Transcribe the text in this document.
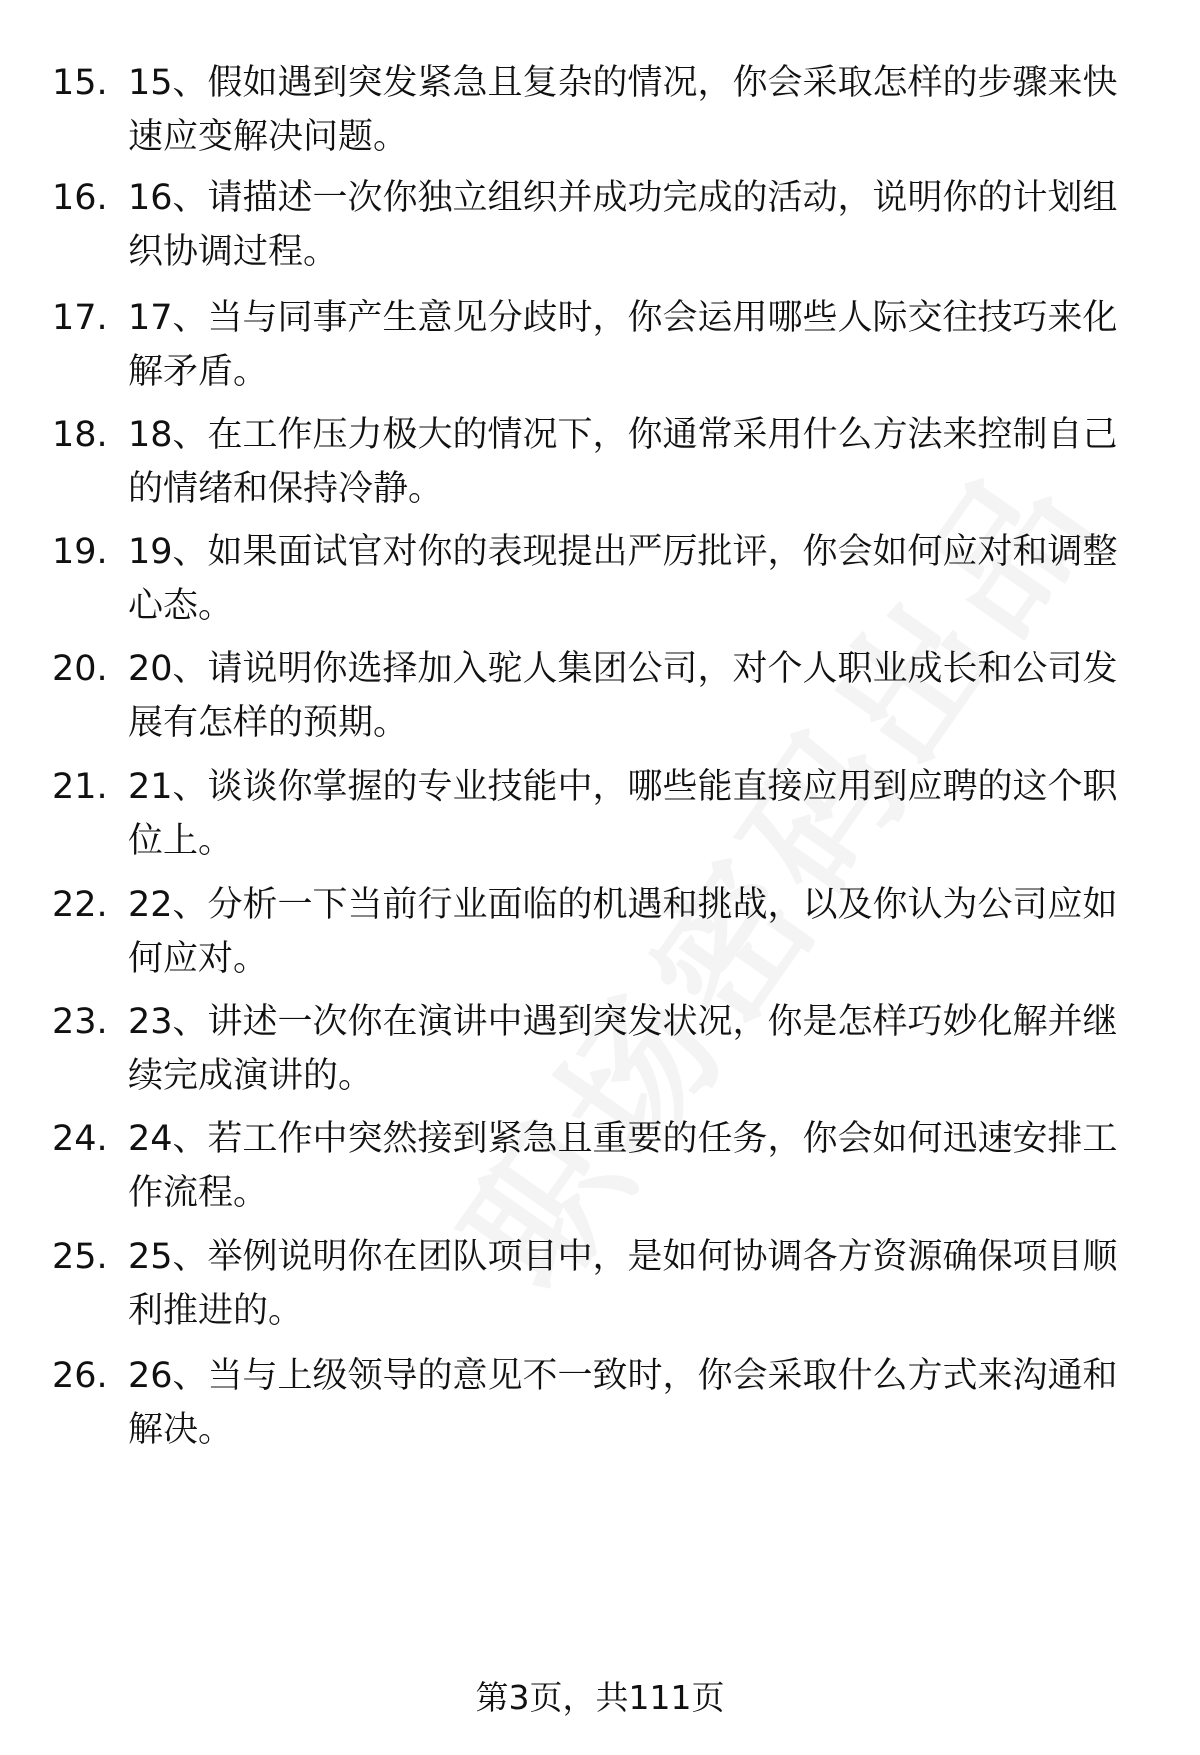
15. 15、假如遇到突发紧急且复杂的情况，你会采取怎样的步骤来快速应变解决问题。
16. 16、请描述一次你独立组织并成功完成的活动，说明你的计划组织协调过程。
17. 17、当与同事产生意见分歧时，你会运用哪些人际交往技巧来化解矛盾。
18. 18、在工作压力极大的情况下，你通常采用什么方法来控制自己的情绪和保持冷静。
19. 19、如果面试官对你的表现提出严厉批评，你会如何应对和调整心态。
20. 20、请说明你选择加入驼人集团公司，对个人职业成长和公司发展有怎样的预期。
21. 21、谈谈你掌握的专业技能中，哪些能直接应用到应聘的这个职位上。
22. 22、分析一下当前行业面临的机遇和挑战，以及你认为公司应如何应对。
23. 23、讲述一次你在演讲中遇到突发状况，你是怎样巧妙化解并继续完成演讲的。
24. 24、若工作中突然接到紧急且重要的任务，你会如何迅速安排工作流程。
25. 25、举例说明你在团队项目中，是如何协调各方资源确保项目顺利推进的。
26. 26、当与上级领导的意见不一致时，你会采取什么方式来沟通和解决。
第3页，共111页
